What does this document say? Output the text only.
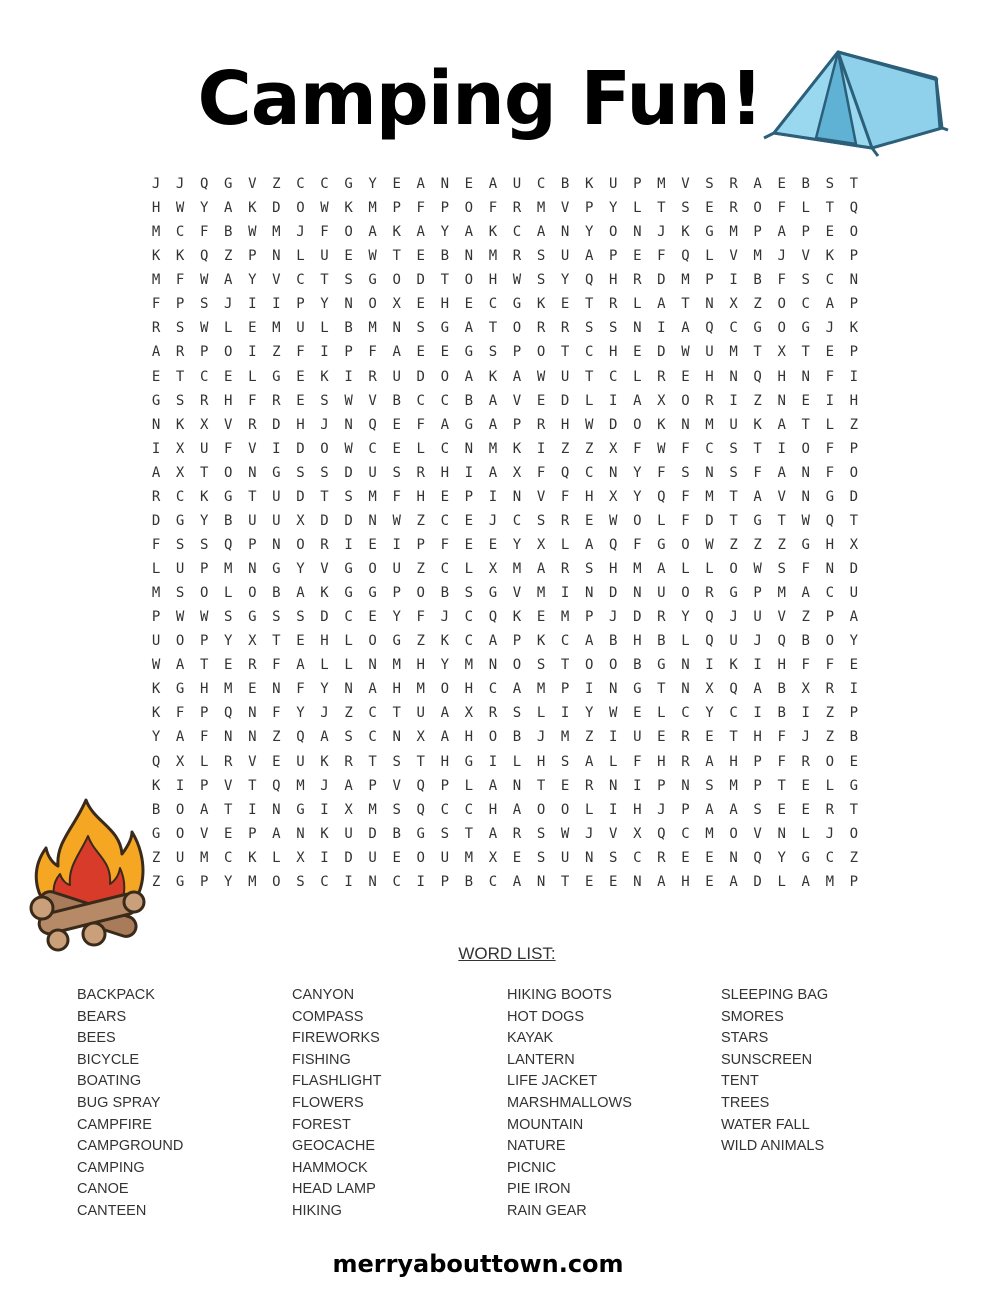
Camping Fun!
J	J	Q	G	V	Z	C	C	G	Y	E	A	N	E	A	U	C	B	K	U	P	M	V	S	R	A	E	B	S	T
H	W	Y	A	K	D	O	W	K	M	P	F	P	O	F	R	M	V	P	Y	L	T	S	E	R	O	F	L	T	Q
M	C	F	B	W	M	J	F	O	A	K	A	Y	A	K	C	A	N	Y	O	N	J	K	G	M	P	A	P	E	O
K	K	Q	Z	P	N	L	U	E	W	T	E	B	N	M	R	S	U	A	P	E	F	Q	L	V	M	J	V	K	P
M	F	W	A	Y	V	C	T	S	G	O	D	T	O	H	W	S	Y	Q	H	R	D	M	P	I	B	F	S	C	N
F	P	S	J	I	I	P	Y	N	O	X	E	H	E	C	G	K	E	T	R	L	A	T	N	X	Z	O	C	A	P
R	S	W	L	E	M	U	L	B	M	N	S	G	A	T	O	R	R	S	S	N	I	A	Q	C	G	O	G	J	K
A	R	P	O	I	Z	F	I	P	F	A	E	E	G	S	P	O	T	C	H	E	D	W	U	M	T	X	T	E	P
E	T	C	E	L	G	E	K	I	R	U	D	O	A	K	A	W	U	T	C	L	R	E	H	N	Q	H	N	F	I
G	S	R	H	F	R	E	S	W	V	B	C	C	B	A	V	E	D	L	I	A	X	O	R	I	Z	N	E	I	H
N	K	X	V	R	D	H	J	N	Q	E	F	A	G	A	P	R	H	W	D	O	K	N	M	U	K	A	T	L	Z
I	X	U	F	V	I	D	O	W	C	E	L	C	N	M	K	I	Z	Z	X	F	W	F	C	S	T	I	O	F	P
A	X	T	O	N	G	S	S	D	U	S	R	H	I	A	X	F	Q	C	N	Y	F	S	N	S	F	A	N	F	O
R	C	K	G	T	U	D	T	S	M	F	H	E	P	I	N	V	F	H	X	Y	Q	F	M	T	A	V	N	G	D
D	G	Y	B	U	U	X	D	D	N	W	Z	C	E	J	C	S	R	E	W	O	L	F	D	T	G	T	W	Q	T
F	S	S	Q	P	N	O	R	I	E	I	P	F	E	E	Y	X	L	A	Q	F	G	O	W	Z	Z	Z	G	H	X
L	U	P	M	N	G	Y	V	G	O	U	Z	C	L	X	M	A	R	S	H	M	A	L	L	O	W	S	F	N	D
M	S	O	L	O	B	A	K	G	G	P	O	B	S	G	V	M	I	N	D	N	U	O	R	G	P	M	A	C	U
P	W	W	S	G	S	S	D	C	E	Y	F	J	C	Q	K	E	M	P	J	D	R	Y	Q	J	U	V	Z	P	A
U	O	P	Y	X	T	E	H	L	O	G	Z	K	C	A	P	K	C	A	B	H	B	L	Q	U	J	Q	B	O	Y
W	A	T	E	R	F	A	L	L	N	M	H	Y	M	N	O	S	T	O	O	B	G	N	I	K	I	H	F	F	E
K	G	H	M	E	N	F	Y	N	A	H	M	O	H	C	A	M	P	I	N	G	T	N	X	Q	A	B	X	R	I
K	F	P	Q	N	F	Y	J	Z	C	T	U	A	X	R	S	L	I	Y	W	E	L	C	Y	C	I	B	I	Z	P
Y	A	F	N	N	Z	Q	A	S	C	N	X	A	H	O	B	J	M	Z	I	U	E	R	E	T	H	F	J	Z	B
Q	X	L	R	V	E	U	K	R	T	S	T	H	G	I	L	H	S	A	L	F	H	R	A	H	P	F	R	O	E
K	I	P	V	T	Q	M	J	A	P	V	Q	P	L	A	N	T	E	R	N	I	P	N	S	M	P	T	E	L	G
B	O	A	T	I	N	G	I	X	M	S	Q	C	C	H	A	O	O	L	I	H	J	P	A	A	S	E	E	R	T
G	O	V	E	P	A	N	K	U	D	B	G	S	T	A	R	S	W	J	V	X	Q	C	M	O	V	N	L	J	O
Z	U	M	C	K	L	X	I	D	U	E	O	U	M	X	E	S	U	N	S	C	R	E	E	N	Q	Y	G	C	Z
Z	G	P	Y	M	O	S	C	I	N	C	I	P	B	C	A	N	T	E	E	N	A	H	E	A	D	L	A	M	P

WORD LIST:

BACKPACK
BEARS
BEES
BICYCLE
BOATING
BUG SPRAY
CAMPFIRE
CAMPGROUND
CAMPING
CANOE
CANTEEN
CANYON
COMPASS
FIREWORKS
FISHING
FLASHLIGHT
FLOWERS
FOREST
GEOCACHE
HAMMOCK
HEAD LAMP
HIKING
HIKING BOOTS
HOT DOGS
KAYAK
LANTERN
LIFE JACKET
MARSHMALLOWS
MOUNTAIN
NATURE
PICNIC
PIE IRON
RAIN GEAR
SLEEPING BAG
SMORES
STARS
SUNSCREEN
TENT
TREES
WATER FALL
WILD ANIMALS

merryabouttown.com
